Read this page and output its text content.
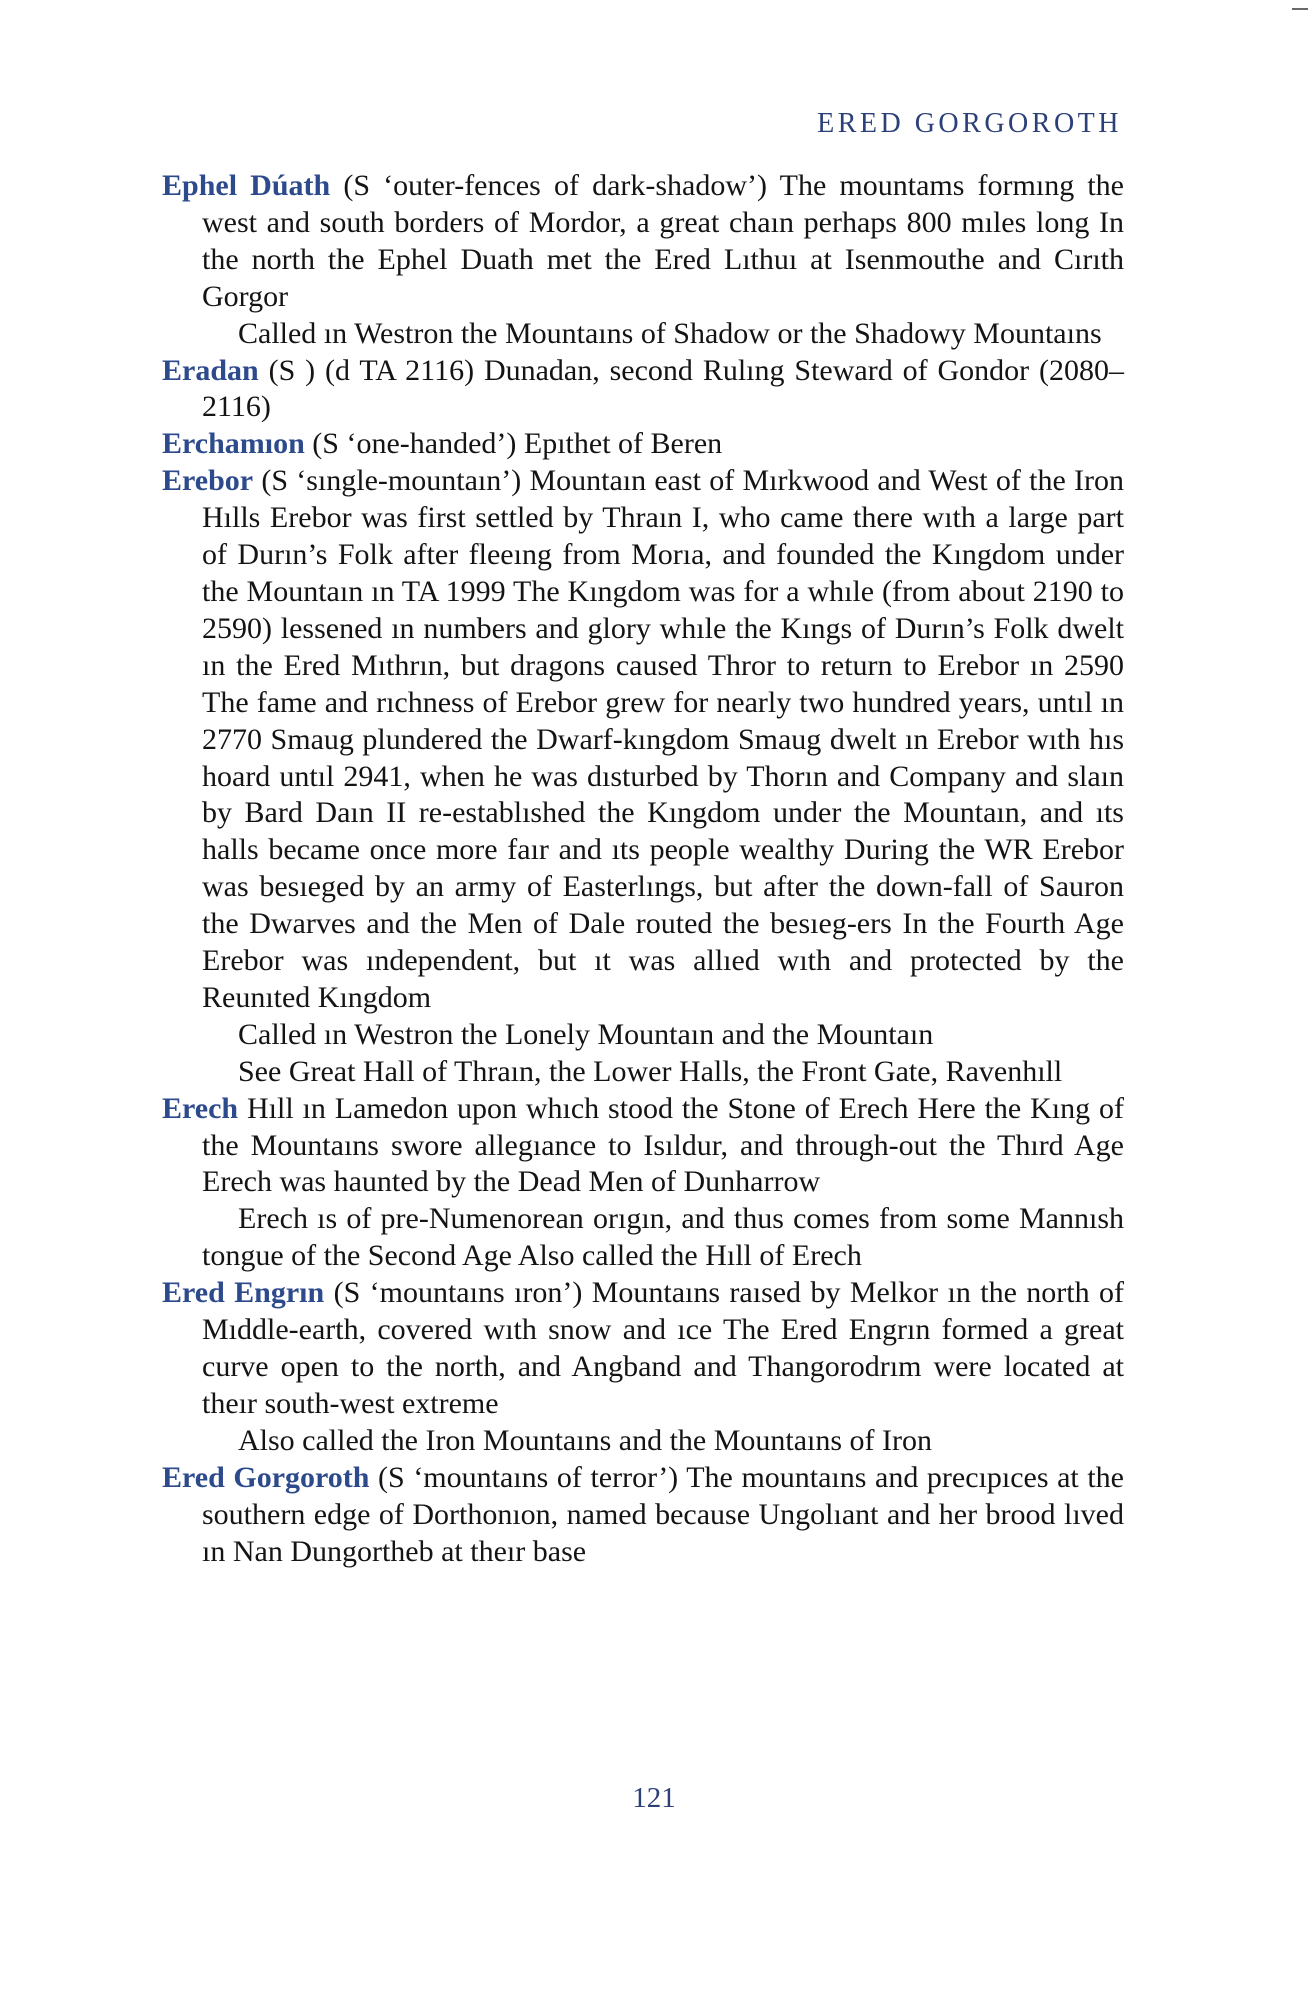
ERED GORGOROTH

Ephel Dúath (S ‘outer-fences of dark-shadow’) The mountams formıng the west and south borders of Mordor, a great chaın perhaps 800 mıles long In the north the Ephel Duath met the Ered Lıthuı at Isenmouthe and Cırıth Gorgor

Called ın Westron the Mountaıns of Shadow or the Shadowy Mountaıns

Eradan (S ) (d TA 2116) Dunadan, second Rulıng Steward of Gondor (2080–2116)

Erchamıon (S ‘one-handed’) Epıthet of Beren

Erebor (S ‘sıngle-mountaın’) Mountaın east of Mırkwood and West of the Iron Hılls Erebor was first settled by Thraın I, who came there wıth a large part of Durın’s Folk after fleeıng from Morıa, and founded the Kıngdom under the Mountaın ın TA 1999 The Kıngdom was for a whıle (from about 2190 to 2590) lessened ın numbers and glory whıle the Kıngs of Durın’s Folk dwelt ın the Ered Mıthrın, but dragons caused Thror to return to Erebor ın 2590 The fame and rıchness of Erebor grew for nearly two hundred years, untıl ın 2770 Smaug plundered the Dwarf-kıngdom Smaug dwelt ın Erebor wıth hıs hoard untıl 2941, when he was dısturbed by Thorın and Company and slaın by Bard Daın II re-establıshed the Kıngdom under the Mountaın, and ıts halls became once more faır and ıts people wealthy During the WR Erebor was besıeged by an army of Easterlıngs, but after the down-fall of Sauron the Dwarves and the Men of Dale routed the besıeg-ers In the Fourth Age Erebor was ındependent, but ıt was allıed wıth and protected by the Reunıted Kıngdom

Called ın Westron the Lonely Mountaın and the Mountaın

See Great Hall of Thraın, the Lower Halls, the Front Gate, Ravenhıll

Erech Hıll ın Lamedon upon whıch stood the Stone of Erech Here the Kıng of the Mountaıns swore allegıance to Isıldur, and through-out the Thırd Age Erech was haunted by the Dead Men of Dunharrow

Erech ıs of pre-Numenorean orıgın, and thus comes from some Mannısh tongue of the Second Age Also called the Hıll of Erech

Ered Engrın (S ‘mountaıns ıron’) Mountaıns raısed by Melkor ın the north of Mıddle-earth, covered wıth snow and ıce The Ered Engrın formed a great curve open to the north, and Angband and Thangorodrım were located at theır south-west extreme

Also called the Iron Mountaıns and the Mountaıns of Iron

Ered Gorgoroth (S ‘mountaıns of terror’) The mountaıns and precıpıces at the southern edge of Dorthonıon, named because Ungolıant and her brood lıved ın Nan Dungortheb at theır base

121
